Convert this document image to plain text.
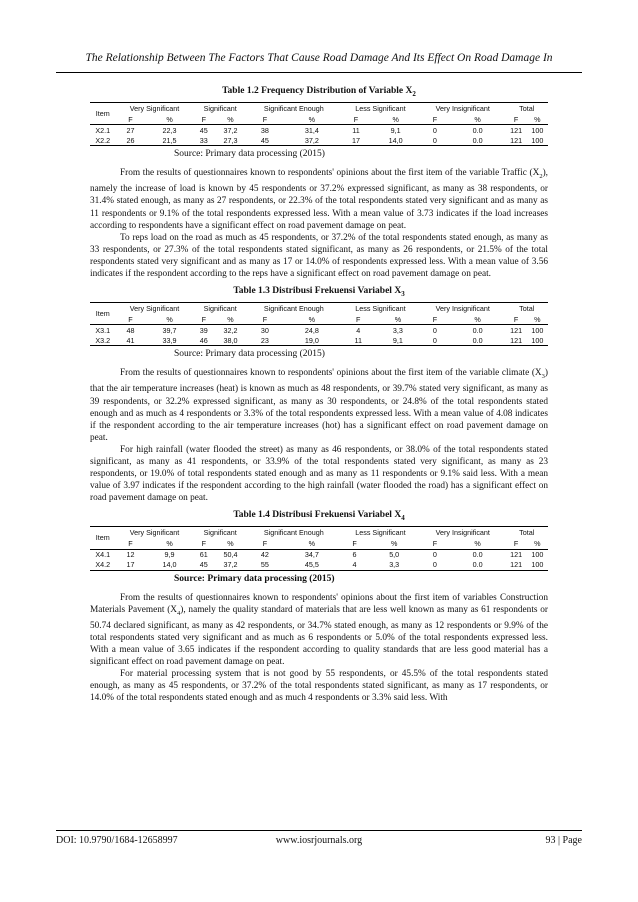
The Relationship Between The Factors That Cause Road Damage And Its Effect On Road Damage In
Table 1.2 Frequency Distribution of Variable $X_2$
Item	Very Significant		Significant		Significant Enough		Less Significant		Very Insignificant		Total	
	F	%	F	%	F	%	F	%	F	%	F	%
X2.1	27	22,3	45	37,2	38	31,4	11	9,1	0	0.0	121	100
X2.2	26	21,5	33	27,3	45	37,2	17	14,0	0	0.0	121	100
Source: Primary data processing (2015)

From the results of questionnaires known to respondents' opinions about the first item of the variable Traffic $(X_2)$, namely the increase of load is known by 45 respondents or 37.2% expressed significant, as many as 38 respondents, or 31.4% stated enough, as many as 27 respondents, or 22.3% of the total respondents stated very significant and as many as 11 respondents or 9.1% of the total respondents expressed less. With a mean value of 3.73 indicates if the load increases according to respondents have a significant effect on road pavement damage on peat.

To reps load on the road as much as 45 respondents, or 37.2% of the total respondents stated enough, as many as 33 respondents, or 27.3% of the total respondents stated significant, as many as 26 respondents, or 21.5% of the total respondents stated very significant and as many as 17 or 14.0% of respondents expressed less. With a mean value of 3.56 indicates if the respondent according to the reps have a significant effect on road pavement damage on peat.

Table 1.3 Distribusi Frekuensi Variabel $X_3$
Item	Very Significant		Significant		Significant Enough		Less Significant		Very Insignificant		Total	
	F	%	F	%	F	%	F	%	F	%	F	%
X3.1	48	39,7	39	32,2	30	24,8	4	3,3	0	0.0	121	100
X3.2	41	33,9	46	38,0	23	19,0	11	9,1	0	0.0	121	100
Source: Primary data processing (2015)

From the results of questionnaires known to respondents' opinions about the first item of the variable climate $(X_3)$ that the air temperature increases (heat) is known as much as 48 respondents, or 39.7% stated very significant, as many as 39 respondents, or 32.2% expressed significant, as many as 30 respondents, or 24.8% of the total respondents stated enough and as much as 4 respondents or 3.3% of the total respondents expressed less. With a mean value of 4.08 indicates if the respondent according to the air temperature increases (hot) has a significant effect on road pavement damage on peat.

For high rainfall (water flooded the street) as many as 46 respondents, or 38.0% of the total respondents stated significant, as many as 41 respondents, or 33.9% of the total respondents stated very significant, as many as 23 respondents, or 19.0% of total respondents stated enough and as many as 11 respondents or 9.1% said less. With a mean value of 3.97 indicates if the respondent according to the high rainfall (water flooded the road) has a significant effect on road pavement damage on peat.

Table 1.4 Distribusi Frekuensi Variabel $X_4$
Item	Very Significant		Significant		Significant Enough		Less Significant		Very Insignificant		Total	
	F	%	F	%	F	%	F	%	F	%	F	%
X4.1	12	9,9	61	50,4	42	34,7	6	5,0	0	0.0	121	100
X4.2	17	14,0	45	37,2	55	45,5	4	3,3	0	0.0	121	100
Source: Primary data processing (2015)

From the results of questionnaires known to respondents' opinions about the first item of variables Construction Materials Pavement $(X_4)$, namely the quality standard of materials that are less well known as many as 61 respondents or 50.74 declared significant, as many as 42 respondents, or 34.7% stated enough, as many as 12 respondents or 9.9% of the total respondents stated very significant and as much as 6 respondents or 5.0% of the total respondents expressed less. With a mean value of 3.65 indicates if the respondent according to quality standards that are less good material has a significant effect on road pavement damage on peat.

For material processing system that is not good by 55 respondents, or 45.5% of the total respondents stated enough, as many as 45 respondents, or 37.2% of the total respondents stated significant, as many as 17 respondents, or 14.0% of the total respondents stated enough and as much 4 respondents or 3.3% said less. With

DOI: 10.9790/1684-12658997	www.iosrjournals.org	93 | Page
